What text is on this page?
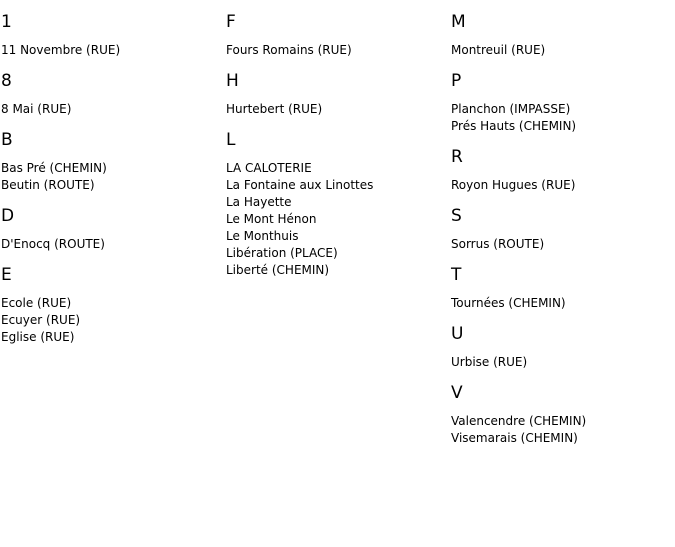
1
11 Novembre (RUE)
8
8 Mai (RUE)
B
Bas Pré (CHEMIN)
Beutin (ROUTE)
D
D'Enocq (ROUTE)
E
Ecole (RUE)
Ecuyer (RUE)
Eglise (RUE)
F
Fours Romains (RUE)
H
Hurtebert (RUE)
L
LA CALOTERIE
La Fontaine aux Linottes
La Hayette
Le Mont Hénon
Le Monthuis
Libération (PLACE)
Liberté (CHEMIN)
M
Montreuil (RUE)
P
Planchon (IMPASSE)
Prés Hauts (CHEMIN)
R
Royon Hugues (RUE)
S
Sorrus (ROUTE)
T
Tournées (CHEMIN)
U
Urbise (RUE)
V
Valencendre (CHEMIN)
Visemarais (CHEMIN)
